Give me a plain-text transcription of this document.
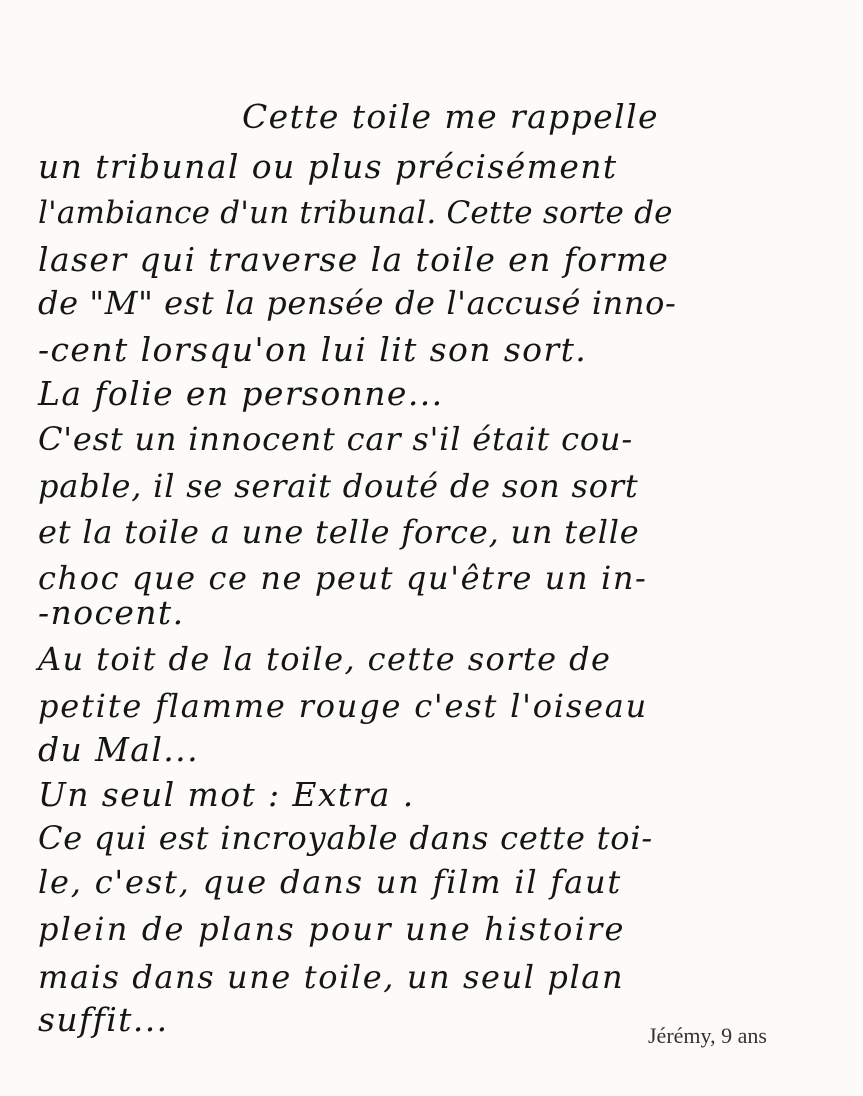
Cette toile me rappelle
un tribunal ou plus précisément
l'ambiance d'un tribunal. Cette sorte de
laser qui traverse la toile en forme
de "M" est la pensée de l'accusé inno-
-cent lorsqu'on lui lit son sort.
La folie en personne...
C'est un innocent car s'il était cou-
pable, il se serait douté de son sort
et la toile a une telle force, un telle
choc que ce ne peut qu'être un in-
-nocent.
Au toit de la toile, cette sorte de
petite flamme rouge c'est l'oiseau
du Mal...
Un seul mot : Extra .
Ce qui est incroyable dans cette toi-
le, c'est, que dans un film il faut
plein de plans pour une histoire
mais dans une toile, un seul plan
suffit...	Jérémy, 9 ans
